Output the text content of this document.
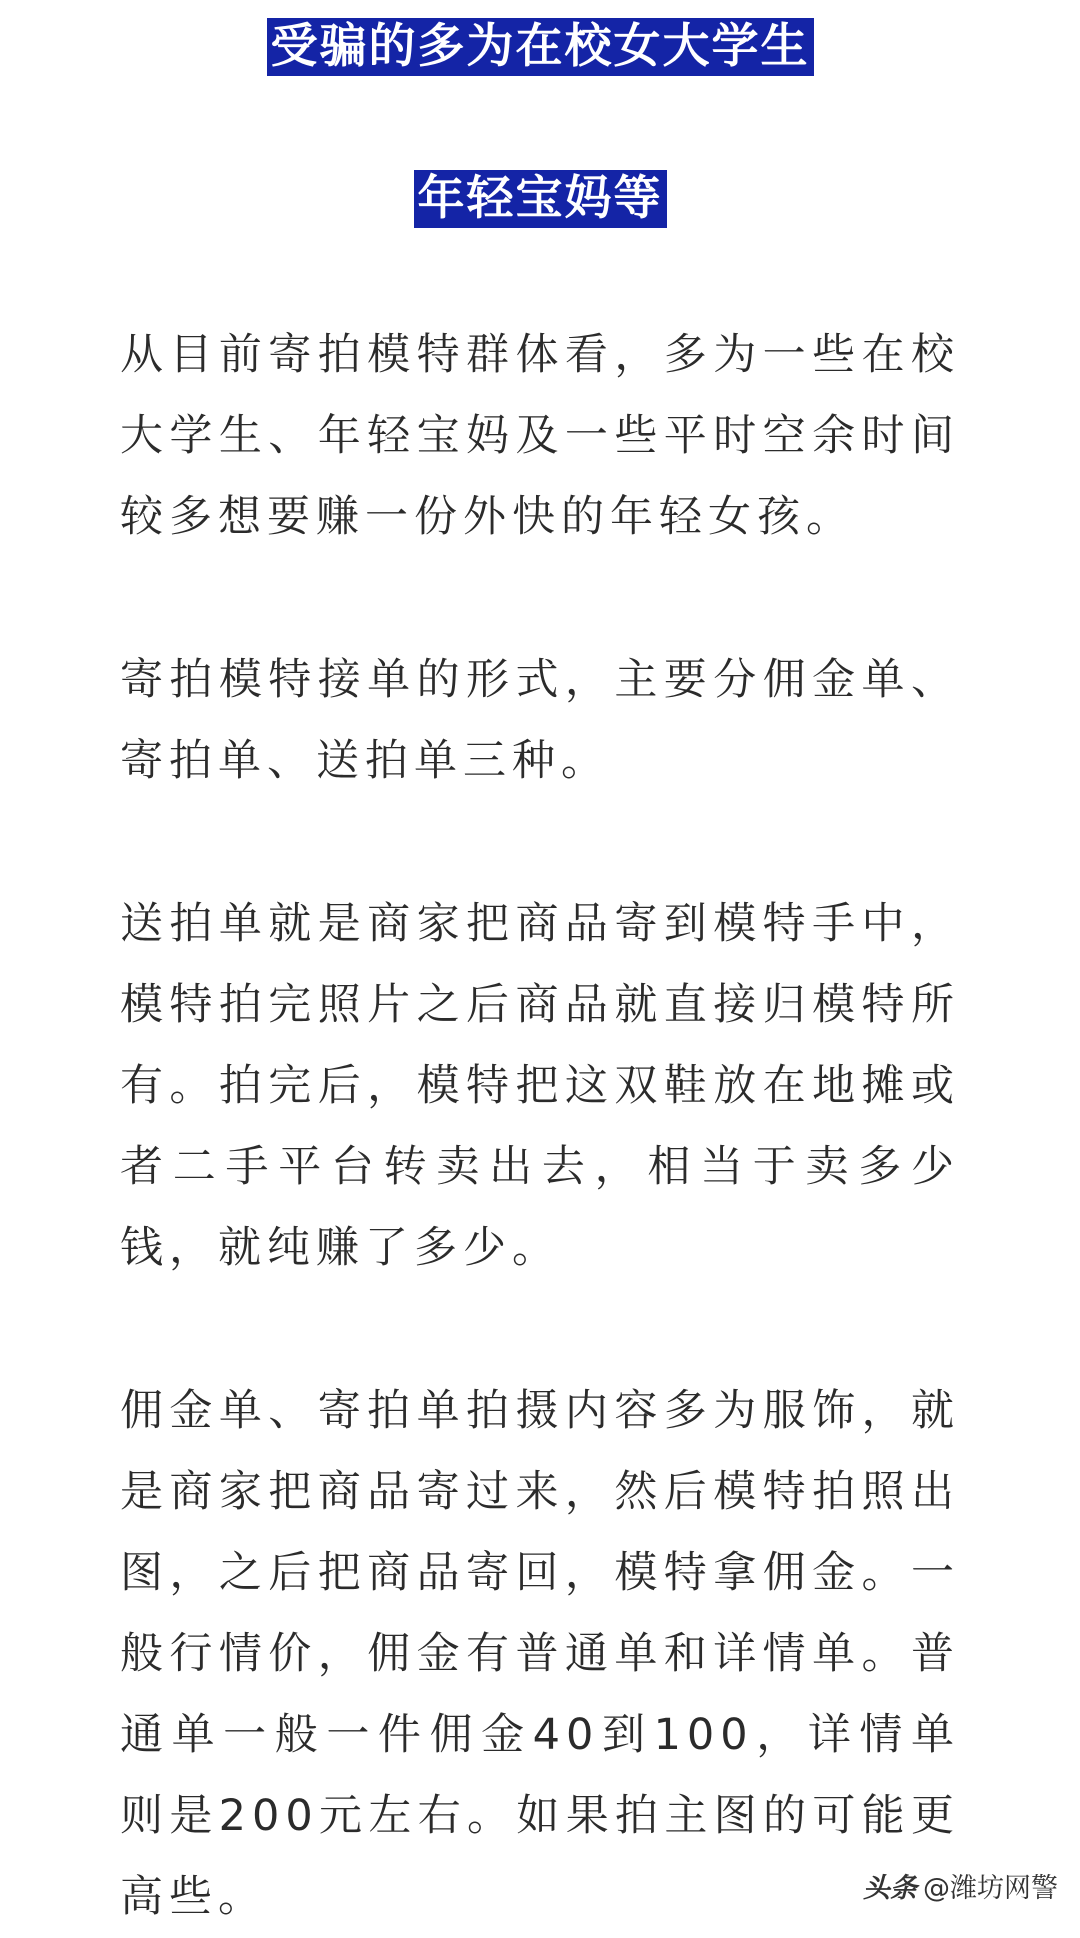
受骗的多为在校女大学生
年轻宝妈等

从目前寄拍模特群体看，多为一些在校大学生、年轻宝妈及一些平时空余时间较多想要赚一份外快的年轻女孩。

寄拍模特接单的形式，主要分佣金单、寄拍单、送拍单三种。

送拍单就是商家把商品寄到模特手中，模特拍完照片之后商品就直接归模特所有。拍完后，模特把这双鞋放在地摊或者二手平台转卖出去，相当于卖多少钱，就纯赚了多少。

佣金单、寄拍单拍摄内容多为服饰，就是商家把商品寄过来，然后模特拍照出图，之后把商品寄回，模特拿佣金。一般行情价，佣金有普通单和详情单。普通单一般一件佣金40到100，详情单则是200元左右。如果拍主图的可能更高些。	头条 @潍坊网警
